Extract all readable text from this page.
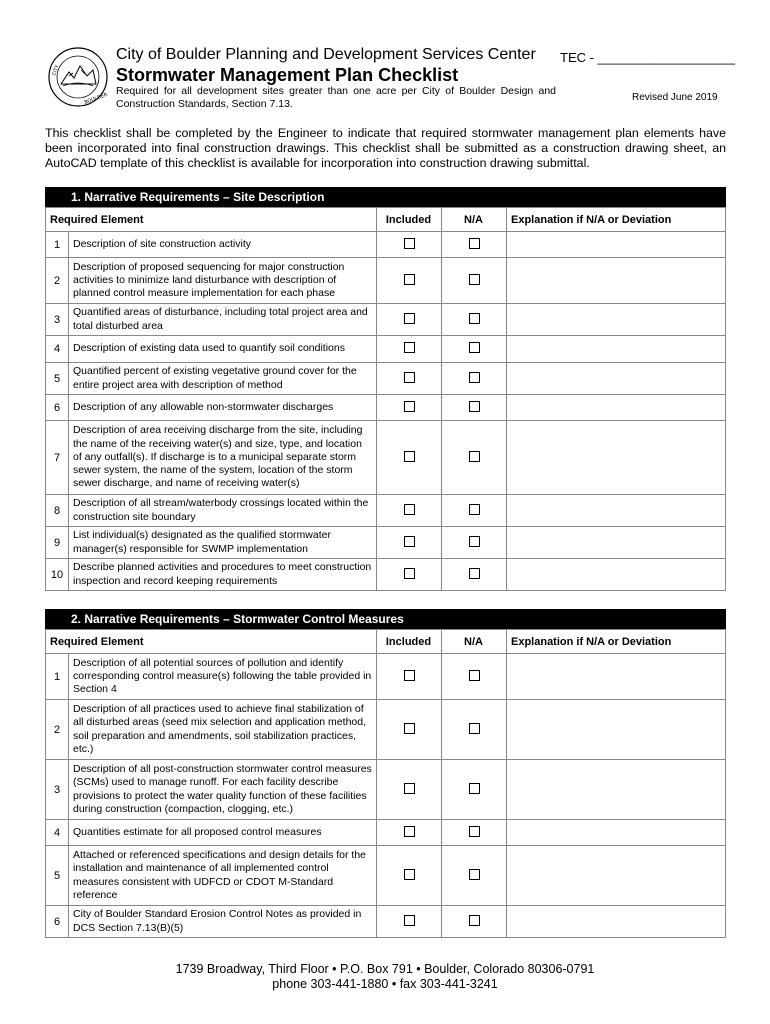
CITY
BOULDER
City of Boulder Planning and Development Services Center TEC - ___________________
Stormwater Management Plan Checklist
Required for all development sites greater than one acre per City of Boulder Design and Construction Standards, Section 7.13.
Revised June 2019
This checklist shall be completed by the Engineer to indicate that required stormwater management plan elements have been incorporated into final construction drawings. This checklist shall be submitted as a construction drawing sheet, an AutoCAD template of this checklist is available for incorporation into construction drawing submittal.
1. Narrative Requirements – Site Description
Required Element		Included	N/A	Explanation if N/A or Deviation
1	Description of site construction activity			
2	Description of proposed sequencing for major construction activities to minimize land disturbance with description of planned control measure implementation for each phase			
3	Quantified areas of disturbance, including total project area and total disturbed area			
4	Description of existing data used to quantify soil conditions			
5	Quantified percent of existing vegetative ground cover for the entire project area with description of method			
6	Description of any allowable non-stormwater discharges			
7	Description of area receiving discharge from the site, including the name of the receiving water(s) and size, type, and location of any outfall(s). If discharge is to a municipal separate storm sewer system, the name of the system, location of the storm sewer discharge, and name of receiving water(s)			
8	Description of all stream/waterbody crossings located within the construction site boundary			
9	List individual(s) designated as the qualified stormwater manager(s) responsible for SWMP implementation			
10	Describe planned activities and procedures to meet construction inspection and record keeping requirements			
2. Narrative Requirements – Stormwater Control Measures
Required Element		Included	N/A	Explanation if N/A or Deviation
1	Description of all potential sources of pollution and identify corresponding control measure(s) following the table provided in Section 4			
2	Description of all practices used to achieve final stabilization of all disturbed areas (seed mix selection and application method, soil preparation and amendments, soil stabilization practices, etc.)			
3	Description of all post-construction stormwater control measures (SCMs) used to manage runoff. For each facility describe provisions to protect the water quality function of these facilities during construction (compaction, clogging, etc.)			
4	Quantities estimate for all proposed control measures			
5	Attached or referenced specifications and design details for the installation and maintenance of all implemented control measures consistent with UDFCD or CDOT M-Standard reference			
6	City of Boulder Standard Erosion Control Notes as provided in DCS Section 7.13(B)(5)			
1739 Broadway, Third Floor • P.O. Box 791 • Boulder, Colorado 80306-0791
phone 303-441-1880 • fax 303-441-3241
